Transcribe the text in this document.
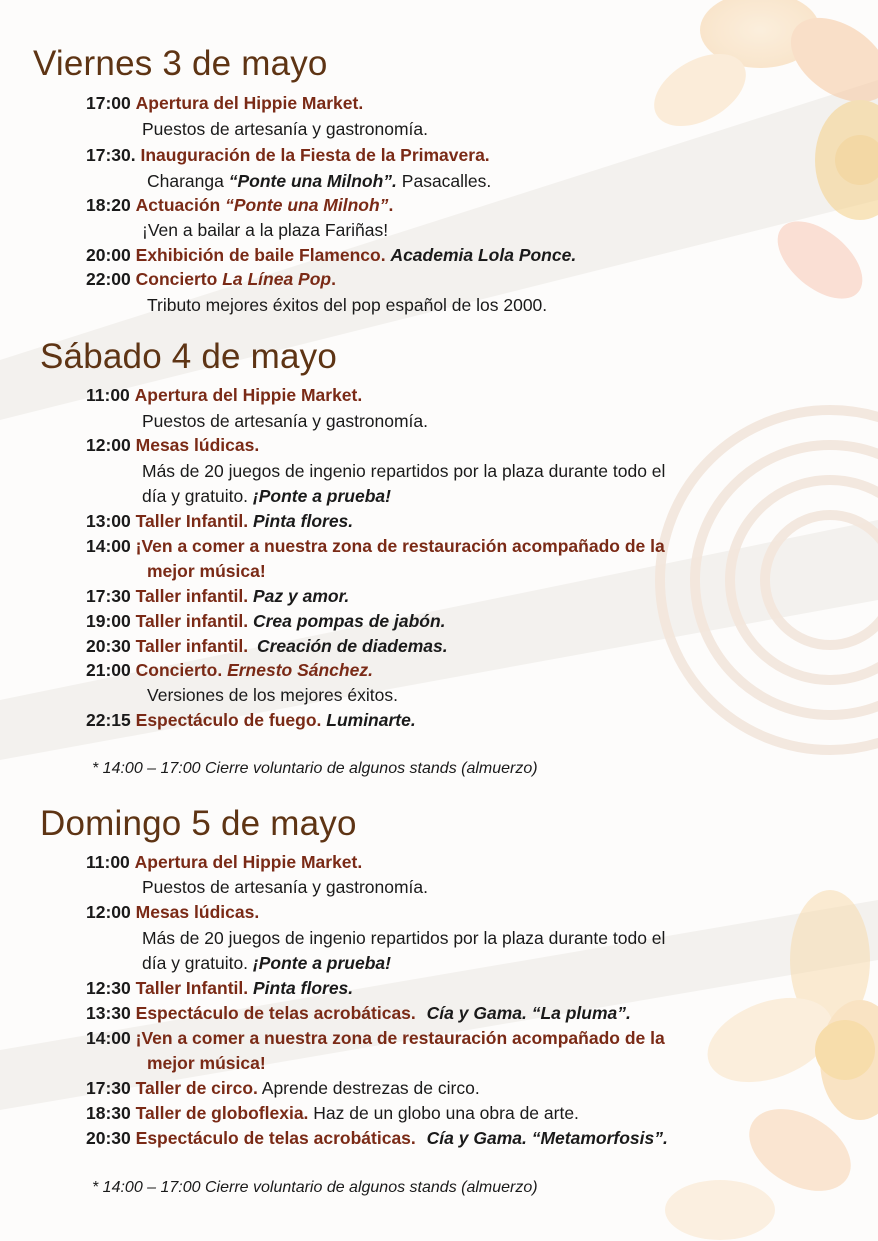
Viernes 3 de mayo

17:00 Apertura del Hippie Market.

Puestos de artesanía y gastronomía.

17:30. Inauguración de la Fiesta de la Primavera.

Charanga “Ponte una Milnoh”. Pasacalles.

18:20 Actuación “Ponte una Milnoh”.

¡Ven a bailar a la plaza Fariñas!

20:00 Exhibición de baile Flamenco. Academia Lola Ponce.

22:00 Concierto La Línea Pop.

Tributo mejores éxitos del pop español de los 2000.

Sábado 4 de mayo

11:00 Apertura del Hippie Market.

Puestos de artesanía y gastronomía.

12:00 Mesas lúdicas.

Más de 20 juegos de ingenio repartidos por la plaza durante todo el

día y gratuito. ¡Ponte a prueba!

13:00 Taller Infantil. Pinta flores.

14:00 ¡Ven a comer a nuestra zona de restauración acompañado de la

mejor música!

17:30 Taller infantil. Paz y amor.

19:00 Taller infantil. Crea pompas de jabón.

20:30 Taller infantil. Creación de diademas.

21:00 Concierto. Ernesto Sánchez.

Versiones de los mejores éxitos.

22:15 Espectáculo de fuego. Luminarte.

* 14:00 – 17:00 Cierre voluntario de algunos stands (almuerzo)

Domingo 5 de mayo

11:00 Apertura del Hippie Market.

Puestos de artesanía y gastronomía.

12:00 Mesas lúdicas.

Más de 20 juegos de ingenio repartidos por la plaza durante todo el

día y gratuito. ¡Ponte a prueba!

12:30 Taller Infantil. Pinta flores.

13:30 Espectáculo de telas acrobáticas. Cía y Gama. “La pluma”.

14:00 ¡Ven a comer a nuestra zona de restauración acompañado de la

mejor música!

17:30 Taller de circo. Aprende destrezas de circo.

18:30 Taller de globoflexia. Haz de un globo una obra de arte.

20:30 Espectáculo de telas acrobáticas. Cía y Gama. “Metamorfosis”.

* 14:00 – 17:00 Cierre voluntario de algunos stands (almuerzo)
